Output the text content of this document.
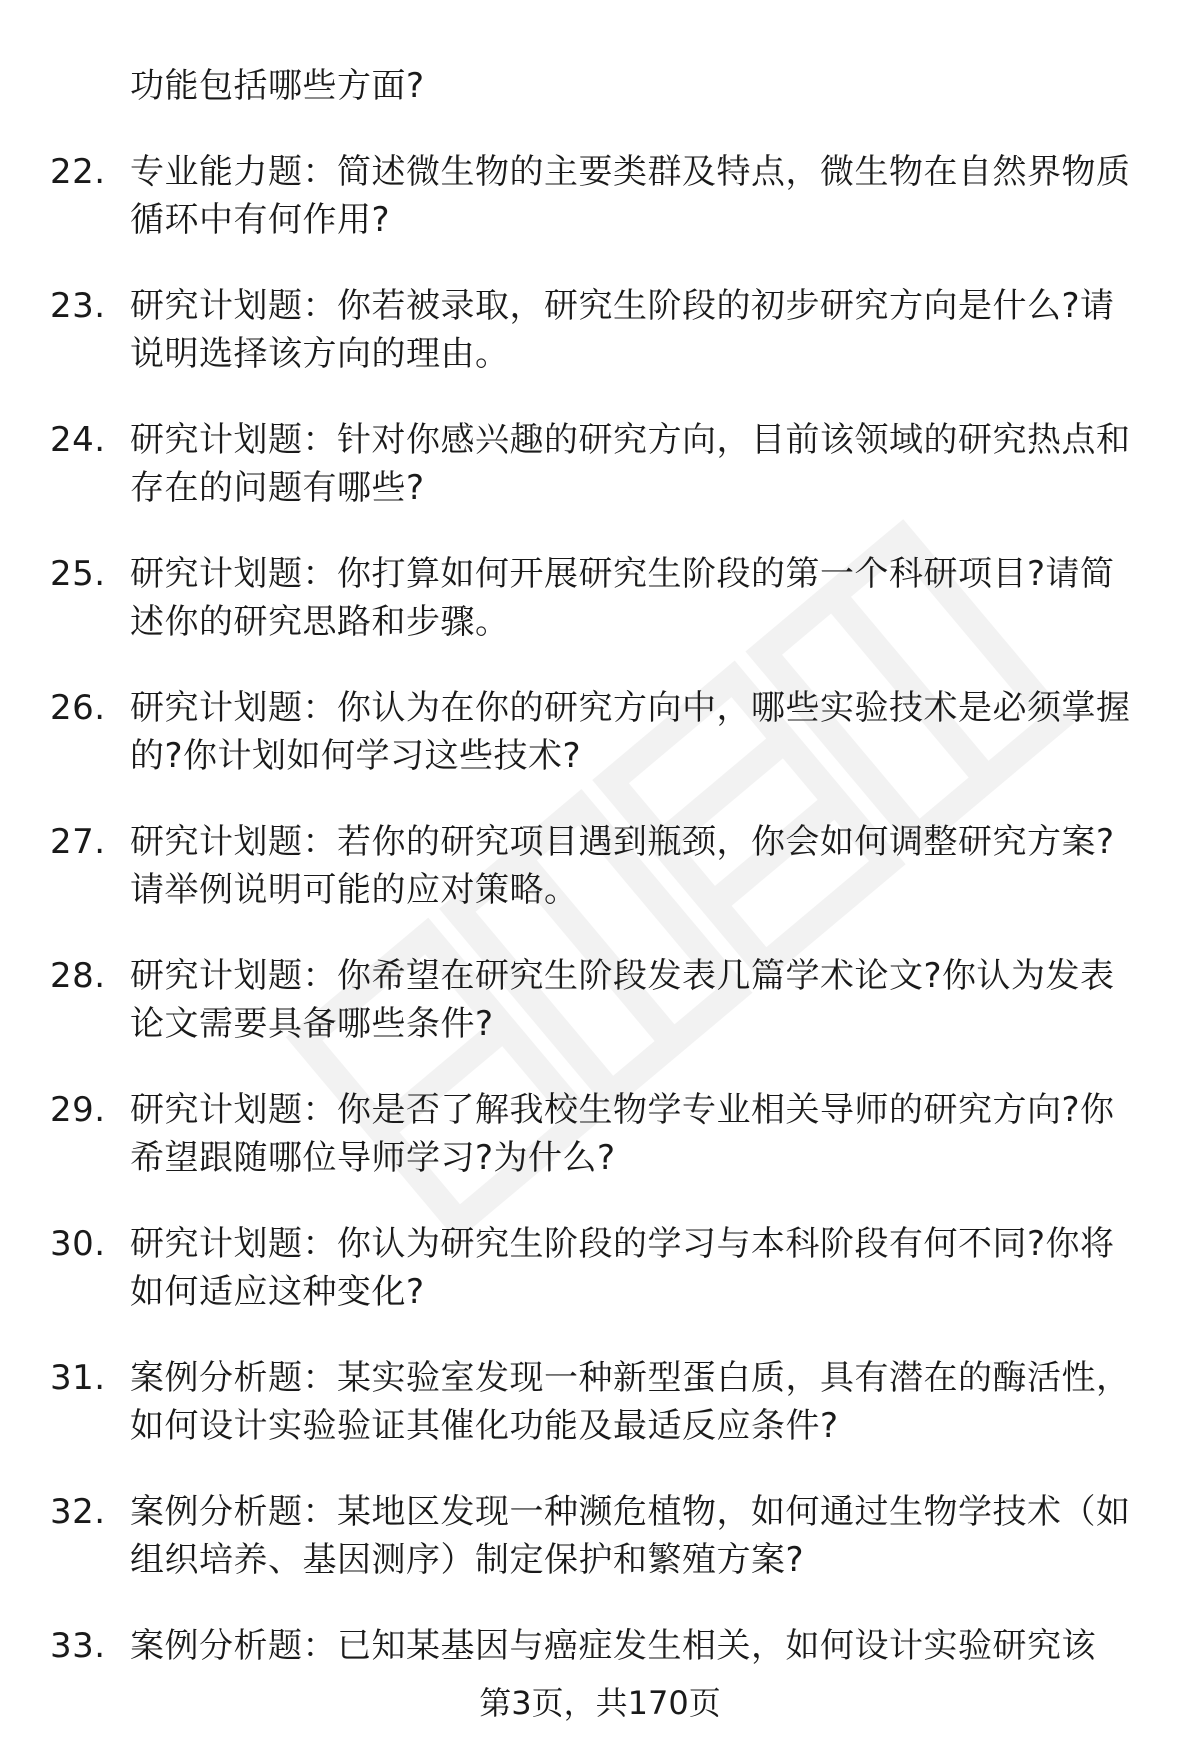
功能包括哪些方面?
22. 专业能力题：简述微生物的主要类群及特点，微生物在自然界物质循环中有何作用?
23. 研究计划题：你若被录取，研究生阶段的初步研究方向是什么?请说明选择该方向的理由。
24. 研究计划题：针对你感兴趣的研究方向，目前该领域的研究热点和存在的问题有哪些?
25. 研究计划题：你打算如何开展研究生阶段的第一个科研项目?请简述你的研究思路和步骤。
26. 研究计划题：你认为在你的研究方向中，哪些实验技术是必须掌握的?你计划如何学习这些技术?
27. 研究计划题：若你的研究项目遇到瓶颈，你会如何调整研究方案?请举例说明可能的应对策略。
28. 研究计划题：你希望在研究生阶段发表几篇学术论文?你认为发表论文需要具备哪些条件?
29. 研究计划题：你是否了解我校生物学专业相关导师的研究方向?你希望跟随哪位导师学习?为什么?
30. 研究计划题：你认为研究生阶段的学习与本科阶段有何不同?你将如何适应这种变化?
31. 案例分析题：某实验室发现一种新型蛋白质，具有潜在的酶活性，如何设计实验验证其催化功能及最适反应条件?
32. 案例分析题：某地区发现一种濒危植物，如何通过生物学技术（如组织培养、基因测序）制定保护和繁殖方案?
33. 案例分析题：已知某基因与癌症发生相关，如何设计实验研究该
第3页，共170页
